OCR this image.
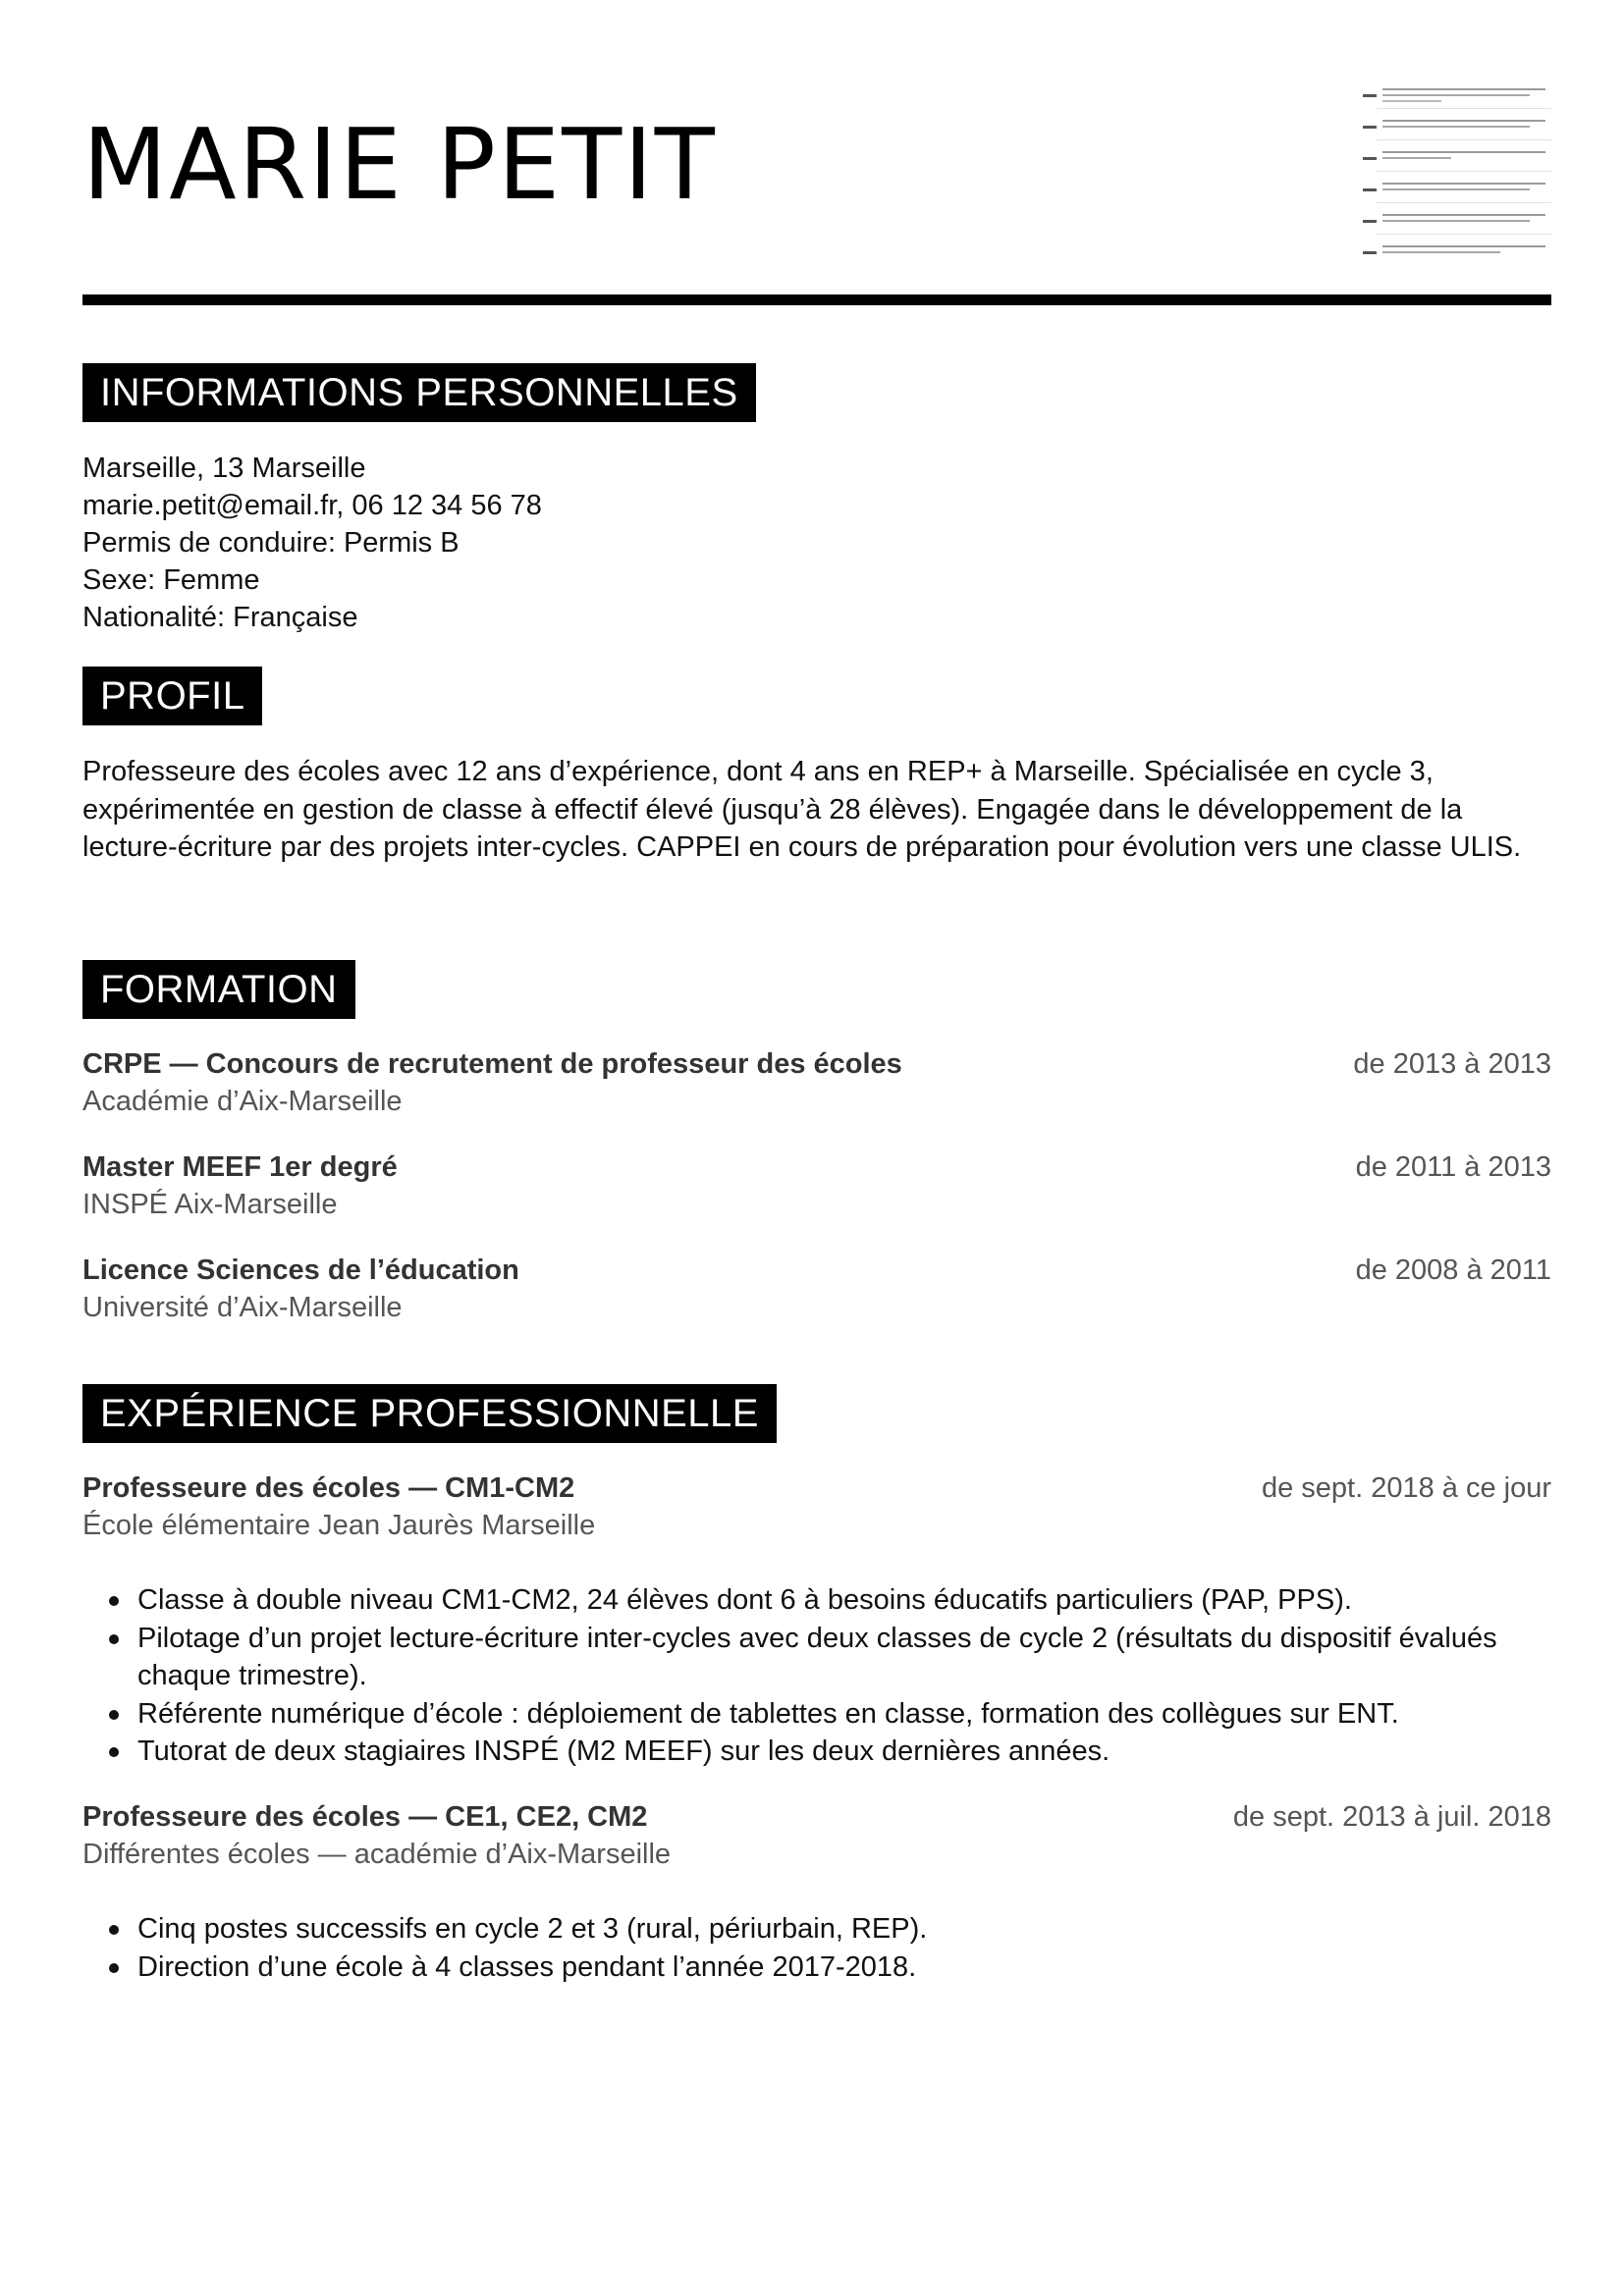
MARIE PETIT
INFORMATIONS PERSONNELLES
Marseille, 13 Marseille
marie.petit@email.fr, 06 12 34 56 78
Permis de conduire: Permis B
Sexe: Femme
Nationalité: Française
PROFIL
Professeure des écoles avec 12 ans d’expérience, dont 4 ans en REP+ à Marseille. Spécialisée en cycle 3, expérimentée en gestion de classe à effectif élevé (jusqu’à 28 élèves). Engagée dans le développement de la lecture-écriture par des projets inter-cycles. CAPPEI en cours de préparation pour évolution vers une classe ULIS.
FORMATION
CRPE — Concours de recrutement de professeur des écoles	de 2013 à 2013
Académie d’Aix-Marseille
Master MEEF 1er degré	de 2011 à 2013
INSPÉ Aix-Marseille
Licence Sciences de l’éducation	de 2008 à 2011
Université d’Aix-Marseille
EXPÉRIENCE PROFESSIONNELLE
Professeure des écoles — CM1-CM2	de sept. 2018 à ce jour
École élémentaire Jean Jaurès Marseille
Classe à double niveau CM1-CM2, 24 élèves dont 6 à besoins éducatifs particuliers (PAP, PPS).
Pilotage d’un projet lecture-écriture inter-cycles avec deux classes de cycle 2 (résultats du dispositif évalués chaque trimestre).
Référente numérique d’école : déploiement de tablettes en classe, formation des collègues sur ENT.
Tutorat de deux stagiaires INSPÉ (M2 MEEF) sur les deux dernières années.
Professeure des écoles — CE1, CE2, CM2	de sept. 2013 à juil. 2018
Différentes écoles — académie d’Aix-Marseille
Cinq postes successifs en cycle 2 et 3 (rural, périurbain, REP).
Direction d’une école à 4 classes pendant l’année 2017-2018.
